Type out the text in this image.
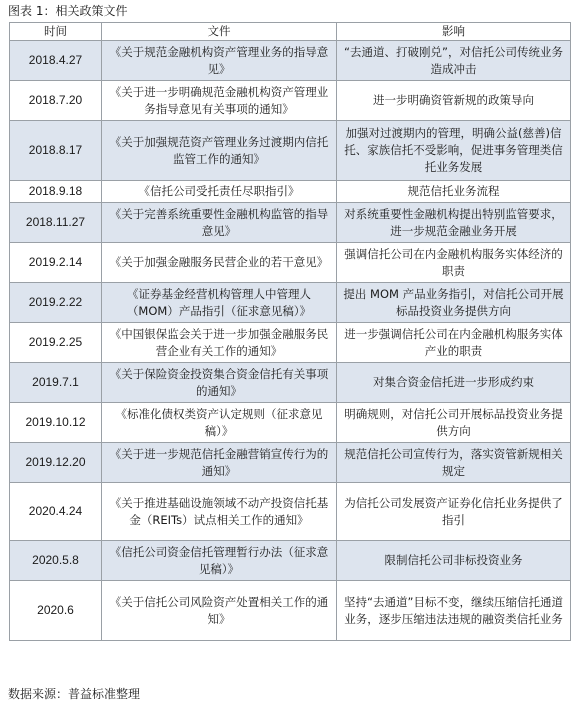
图表 1：相关政策文件
时间	文件	影响
2018.4.27	《关于规范金融机构资产管理业务的指导意见》	“去通道、打破刚兑”，对信托公司传统业务造成冲击
2018.7.20	《关于进一步明确规范金融机构资产管理业务指导意见有关事项的通知》	进一步明确资管新规的政策导向
2018.8.17	《关于加强规范资产管理业务过渡期内信托监管工作的通知》	加强对过渡期内的管理，明确公益(慈善)信托、家族信托不受影响，促进事务管理类信托业务发展
2018.9.18	《信托公司受托责任尽职指引》	规范信托业务流程
2018.11.27	《关于完善系统重要性金融机构监管的指导意见》	对系统重要性金融机构提出特别监管要求，进一步规范金融业务开展
2019.2.14	《关于加强金融服务民营企业的若干意见》	强调信托公司在内金融机构服务实体经济的职责
2019.2.22	《证券基金经营机构管理人中管理人（MOM）产品指引（征求意见稿）》	提出 MOM 产品业务指引，对信托公司开展标品投资业务提供方向
2019.2.25	《中国银保监会关于进一步加强金融服务民营企业有关工作的通知》	进一步强调信托公司在内金融机构服务实体产业的职责
2019.7.1	《关于保险资金投资集合资金信托有关事项的通知》	对集合资金信托进一步形成约束
2019.10.12	《标准化债权类资产认定规则（征求意见稿）》	明确规则，对信托公司开展标品投资业务提供方向
2019.12.20	《关于进一步规范信托金融营销宣传行为的通知》	规范信托公司宣传行为，落实资管新规相关规定
2020.4.24	《关于推进基础设施领域不动产投资信托基金（REITs）试点相关工作的通知》	为信托公司发展资产证券化信托业务提供了指引
2020.5.8	《信托公司资金信托管理暂行办法（征求意见稿）》	限制信托公司非标投资业务
2020.6	《关于信托公司风险资产处置相关工作的通知》	坚持“去通道”目标不变，继续压缩信托通道业务，逐步压缩违法违规的融资类信托业务
数据来源：普益标准整理
